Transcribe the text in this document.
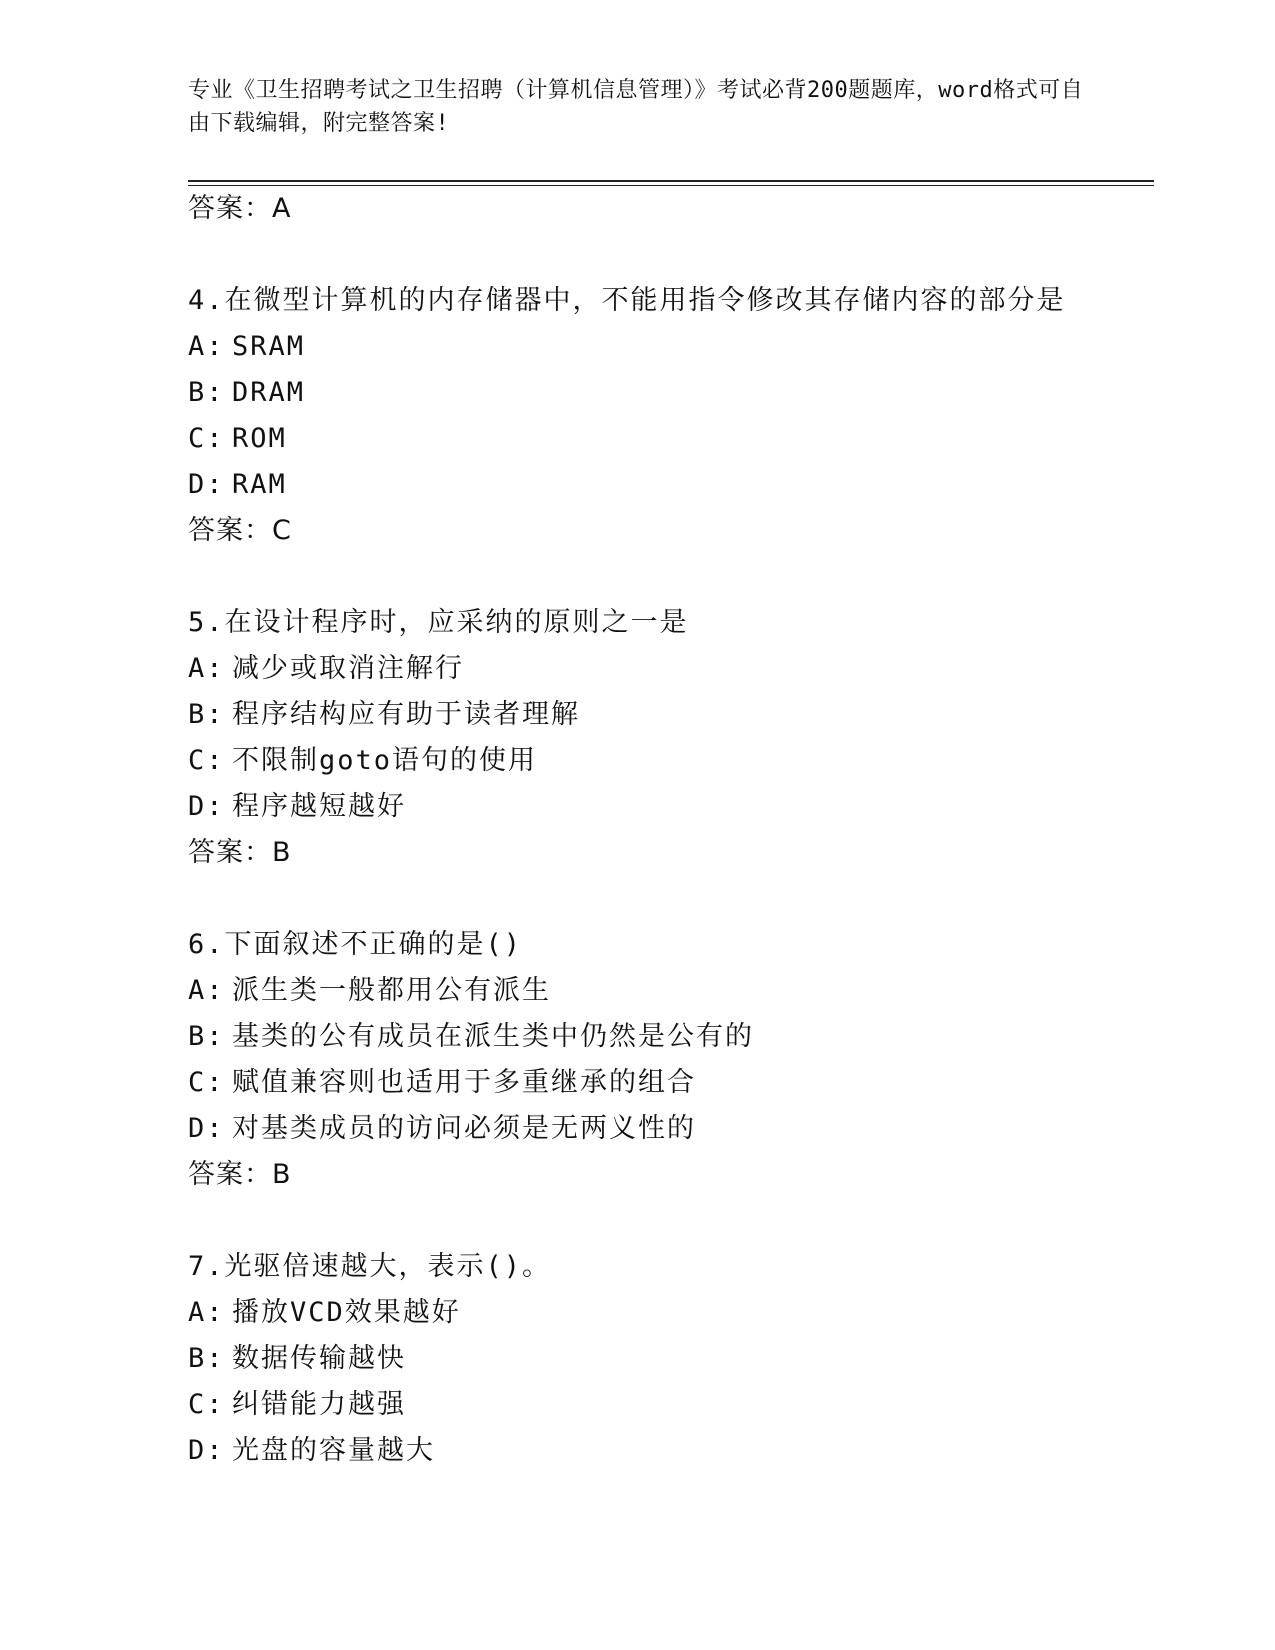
专业《卫生招聘考试之卫生招聘（计算机信息管理）》考试必背200题题库，word格式可自由下载编辑，附完整答案!
答案：A
4.在微型计算机的内存储器中，不能用指令修改其存储内容的部分是
A: SRAM
B: DRAM
C: ROM
D: RAM
答案：C
5.在设计程序时，应采纳的原则之一是
A: 减少或取消注解行
B: 程序结构应有助于读者理解
C: 不限制goto语句的使用
D: 程序越短越好
答案：B
6.下面叙述不正确的是()
A: 派生类一般都用公有派生
B: 基类的公有成员在派生类中仍然是公有的
C: 赋值兼容则也适用于多重继承的组合
D: 对基类成员的访问必须是无两义性的
答案：B
7.光驱倍速越大，表示()。
A: 播放VCD效果越好
B: 数据传输越快
C: 纠错能力越强
D: 光盘的容量越大
